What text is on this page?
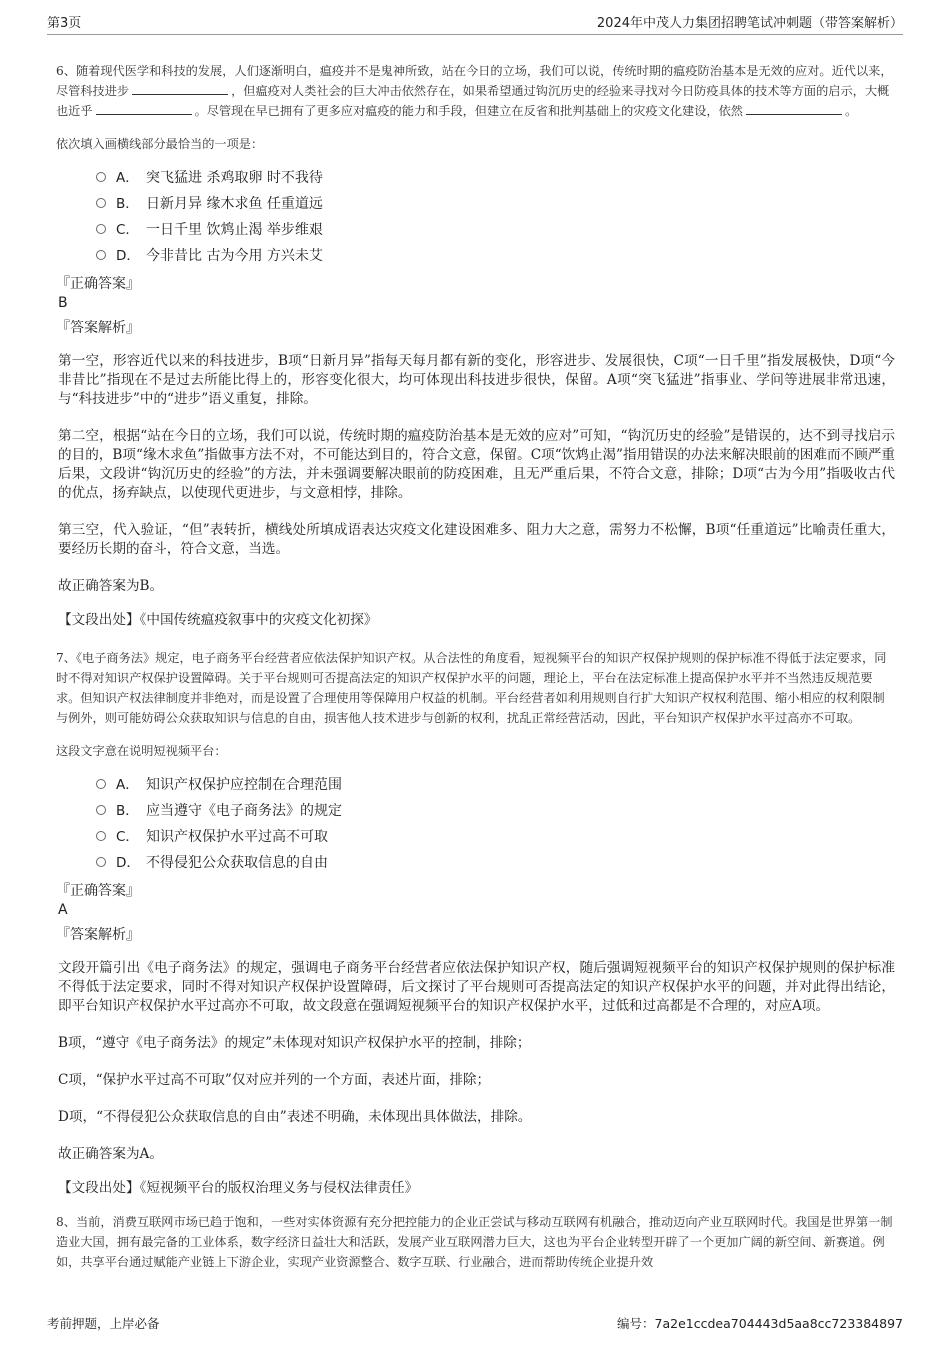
第3页	2024年中茂人力集团招聘笔试冲刺题（带答案解析）

6、随着现代医学和科技的发展，人们逐渐明白，瘟疫并不是鬼神所致，站在今日的立场，我们可以说，传统时期的瘟疫防治基本是无效的应对。近代以来，尽管科技进步	，但瘟疫对人类社会的巨大冲击依然存在，如果希望通过钩沉历史的经验来寻找对今日防疫具体的技术等方面的启示，大概也近乎	。尽管现在早已拥有了更多应对瘟疫的能力和手段，但建立在反省和批判基础上的灾疫文化建设，依然	。

依次填入画横线部分最恰当的一项是：

A． 突飞猛进 杀鸡取卵 时不我待
B． 日新月异 缘木求鱼 任重道远
C． 一日千里 饮鸩止渴 举步维艰
D． 今非昔比 古为今用 方兴未艾

『正确答案』

B

『答案解析』

第一空，形容近代以来的科技进步，B项“日新月异”指每天每月都有新的变化，形容进步、发展很快，C项“一日千里”指发展极快，D项“今非昔比”指现在不是过去所能比得上的，形容变化很大，均可体现出科技进步很快，保留。A项“突飞猛进”指事业、学问等进展非常迅速，与“科技进步”中的“进步”语义重复，排除。

第二空，根据“站在今日的立场，我们可以说，传统时期的瘟疫防治基本是无效的应对”可知，“钩沉历史的经验”是错误的，达不到寻找启示的目的，B项“缘木求鱼”指做事方法不对，不可能达到目的，符合文意，保留。C项“饮鸩止渴”指用错误的办法来解决眼前的困难而不顾严重后果，文段讲“钩沉历史的经验”的方法，并未强调要解决眼前的防疫困难，且无严重后果，不符合文意，排除；D项“古为今用”指吸收古代的优点，扬弃缺点，以使现代更进步，与文意相悖，排除。

第三空，代入验证，“但”表转折，横线处所填成语表达灾疫文化建设困难多、阻力大之意，需努力不松懈，B项“任重道远”比喻责任重大，要经历长期的奋斗，符合文意，当选。

故正确答案为B。

【文段出处】《中国传统瘟疫叙事中的灾疫文化初探》

7、《电子商务法》规定，电子商务平台经营者应依法保护知识产权。从合法性的角度看，短视频平台的知识产权保护规则的保护标准不得低于法定要求，同时不得对知识产权保护设置障碍。关于平台规则可否提高法定的知识产权保护水平的问题，理论上，平台在法定标准上提高保护水平并不当然违反规范要求。但知识产权法律制度并非绝对，而是设置了合理使用等保障用户权益的机制。平台经营者如利用规则自行扩大知识产权权利范围、缩小相应的权利限制与例外，则可能妨碍公众获取知识与信息的自由，损害他人技术进步与创新的权利，扰乱正常经营活动，因此，平台知识产权保护水平过高亦不可取。

这段文字意在说明短视频平台：

A． 知识产权保护应控制在合理范围
B． 应当遵守《电子商务法》的规定
C． 知识产权保护水平过高不可取
D． 不得侵犯公众获取信息的自由

『正确答案』

A

『答案解析』

文段开篇引出《电子商务法》的规定，强调电子商务平台经营者应依法保护知识产权，随后强调短视频平台的知识产权保护规则的保护标准不得低于法定要求，同时不得对知识产权保护设置障碍，后文探讨了平台规则可否提高法定的知识产权保护水平的问题，并对此得出结论，即平台知识产权保护水平过高亦不可取，故文段意在强调短视频平台的知识产权保护水平，过低和过高都是不合理的，对应A项。

B项，“遵守《电子商务法》的规定”未体现对知识产权保护水平的控制，排除；

C项，“保护水平过高不可取”仅对应并列的一个方面，表述片面，排除；

D项，“不得侵犯公众获取信息的自由”表述不明确，未体现出具体做法，排除。

故正确答案为A。

【文段出处】《短视频平台的版权治理义务与侵权法律责任》

8、当前，消费互联网市场已趋于饱和，一些对实体资源有充分把控能力的企业正尝试与移动互联网有机融合，推动迈向产业互联网时代。我国是世界第一制造业大国，拥有最完备的工业体系，数字经济日益壮大和活跃，发展产业互联网潜力巨大，这也为平台企业转型开辟了一个更加广阔的新空间、新赛道。例如，共享平台通过赋能产业链上下游企业，实现产业资源整合、数字互联、行业融合，进而帮助传统企业提升效

考前押题，上岸必备	编号：7a2e1ccdea704443d5aa8cc723384897
